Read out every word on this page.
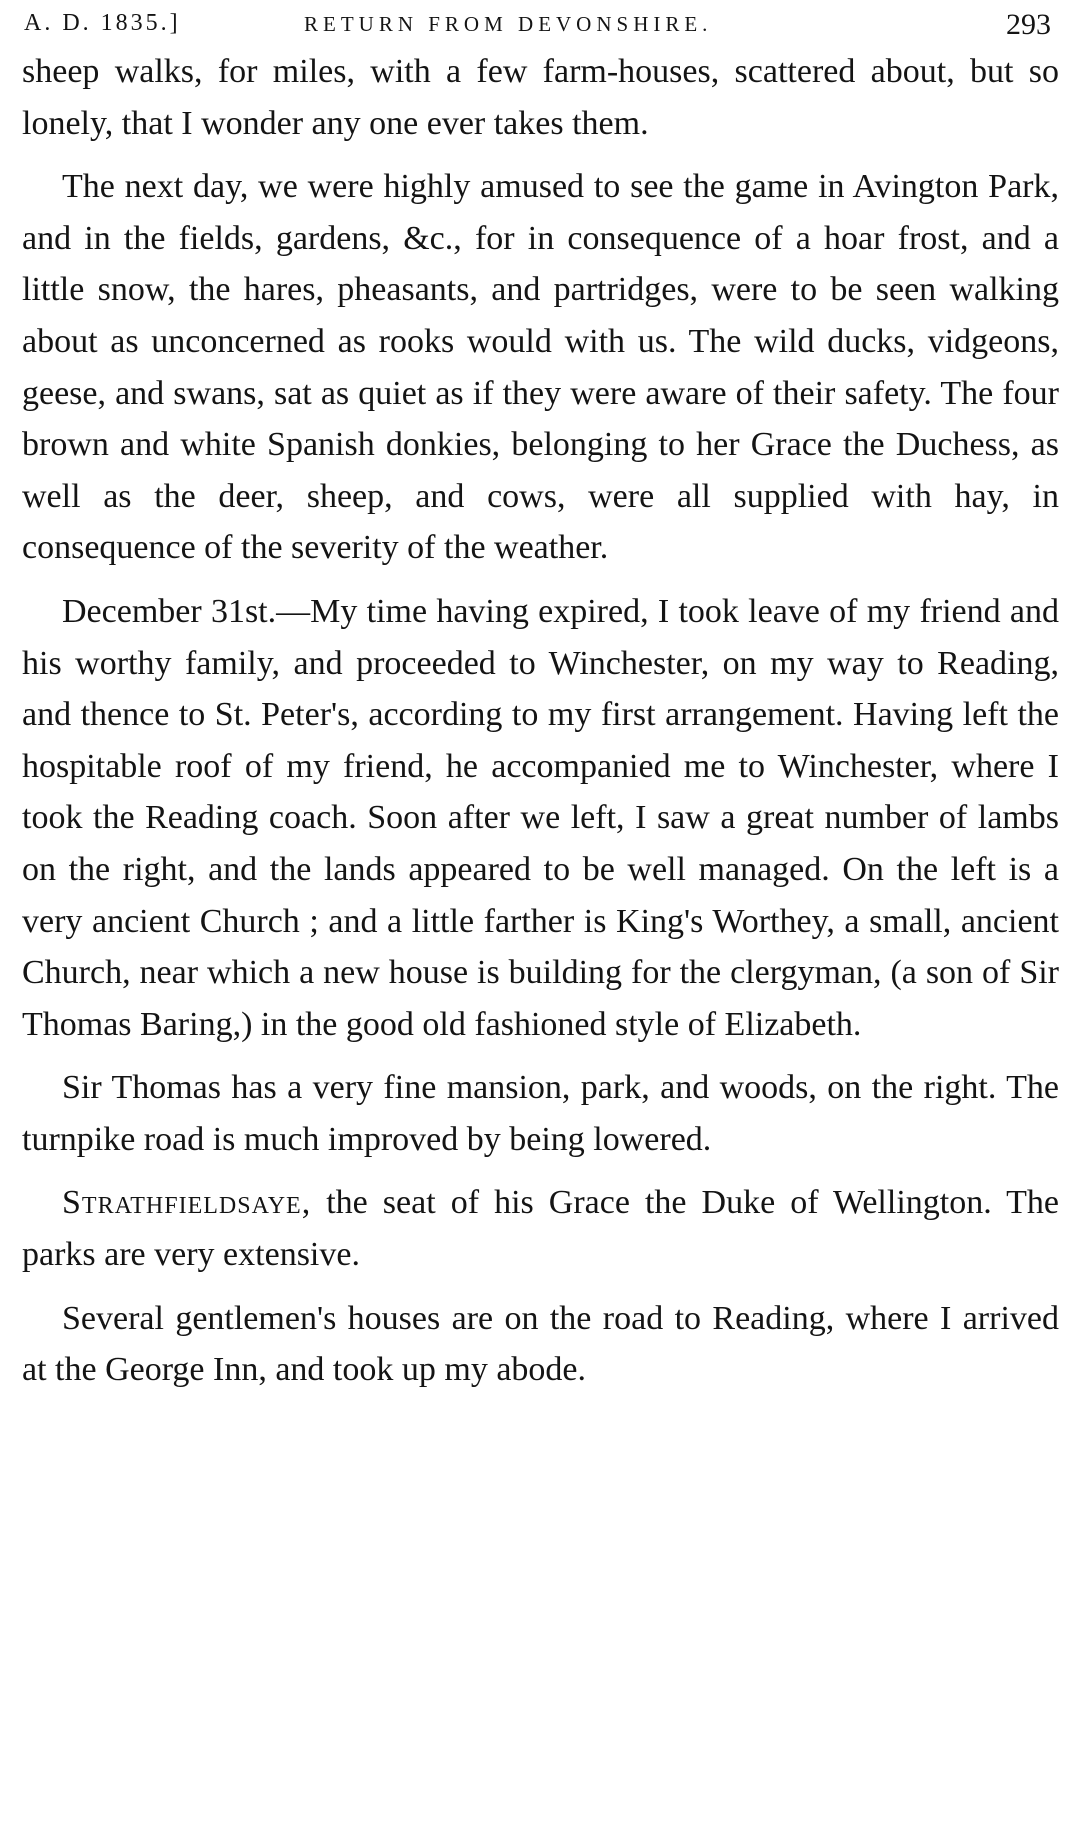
A. D. 1835.]	RETURN FROM DEVONSHIRE.	293

sheep walks, for miles, with a few farm-houses, scattered about, but so lonely, that I wonder any one ever takes them.

The next day, we were highly amused to see the game in Avington Park, and in the fields, gardens, &c., for in consequence of a hoar frost, and a little snow, the hares, pheasants, and partridges, were to be seen walking about as unconcerned as rooks would with us. The wild ducks, vidgeons, geese, and swans, sat as quiet as if they were aware of their safety. The four brown and white Spanish donkies, belonging to her Grace the Duchess, as well as the deer, sheep, and cows, were all supplied with hay, in consequence of the severity of the weather.

December 31st.—My time having expired, I took leave of my friend and his worthy family, and proceeded to Winchester, on my way to Reading, and thence to St. Peter's, according to my first arrangement. Having left the hospitable roof of my friend, he accompanied me to Winchester, where I took the Reading coach. Soon after we left, I saw a great number of lambs on the right, and the lands appeared to be well managed. On the left is a very ancient Church ; and a little farther is King's Worthey, a small, ancient Church, near which a new house is building for the clergyman, (a son of Sir Thomas Baring,) in the good old fashioned style of Elizabeth.

Sir Thomas has a very fine mansion, park, and woods, on the right. The turnpike road is much improved by being lowered.

Strathfieldsaye, the seat of his Grace the Duke of Wellington. The parks are very extensive.

Several gentlemen's houses are on the road to Reading, where I arrived at the George Inn, and took up my abode.
